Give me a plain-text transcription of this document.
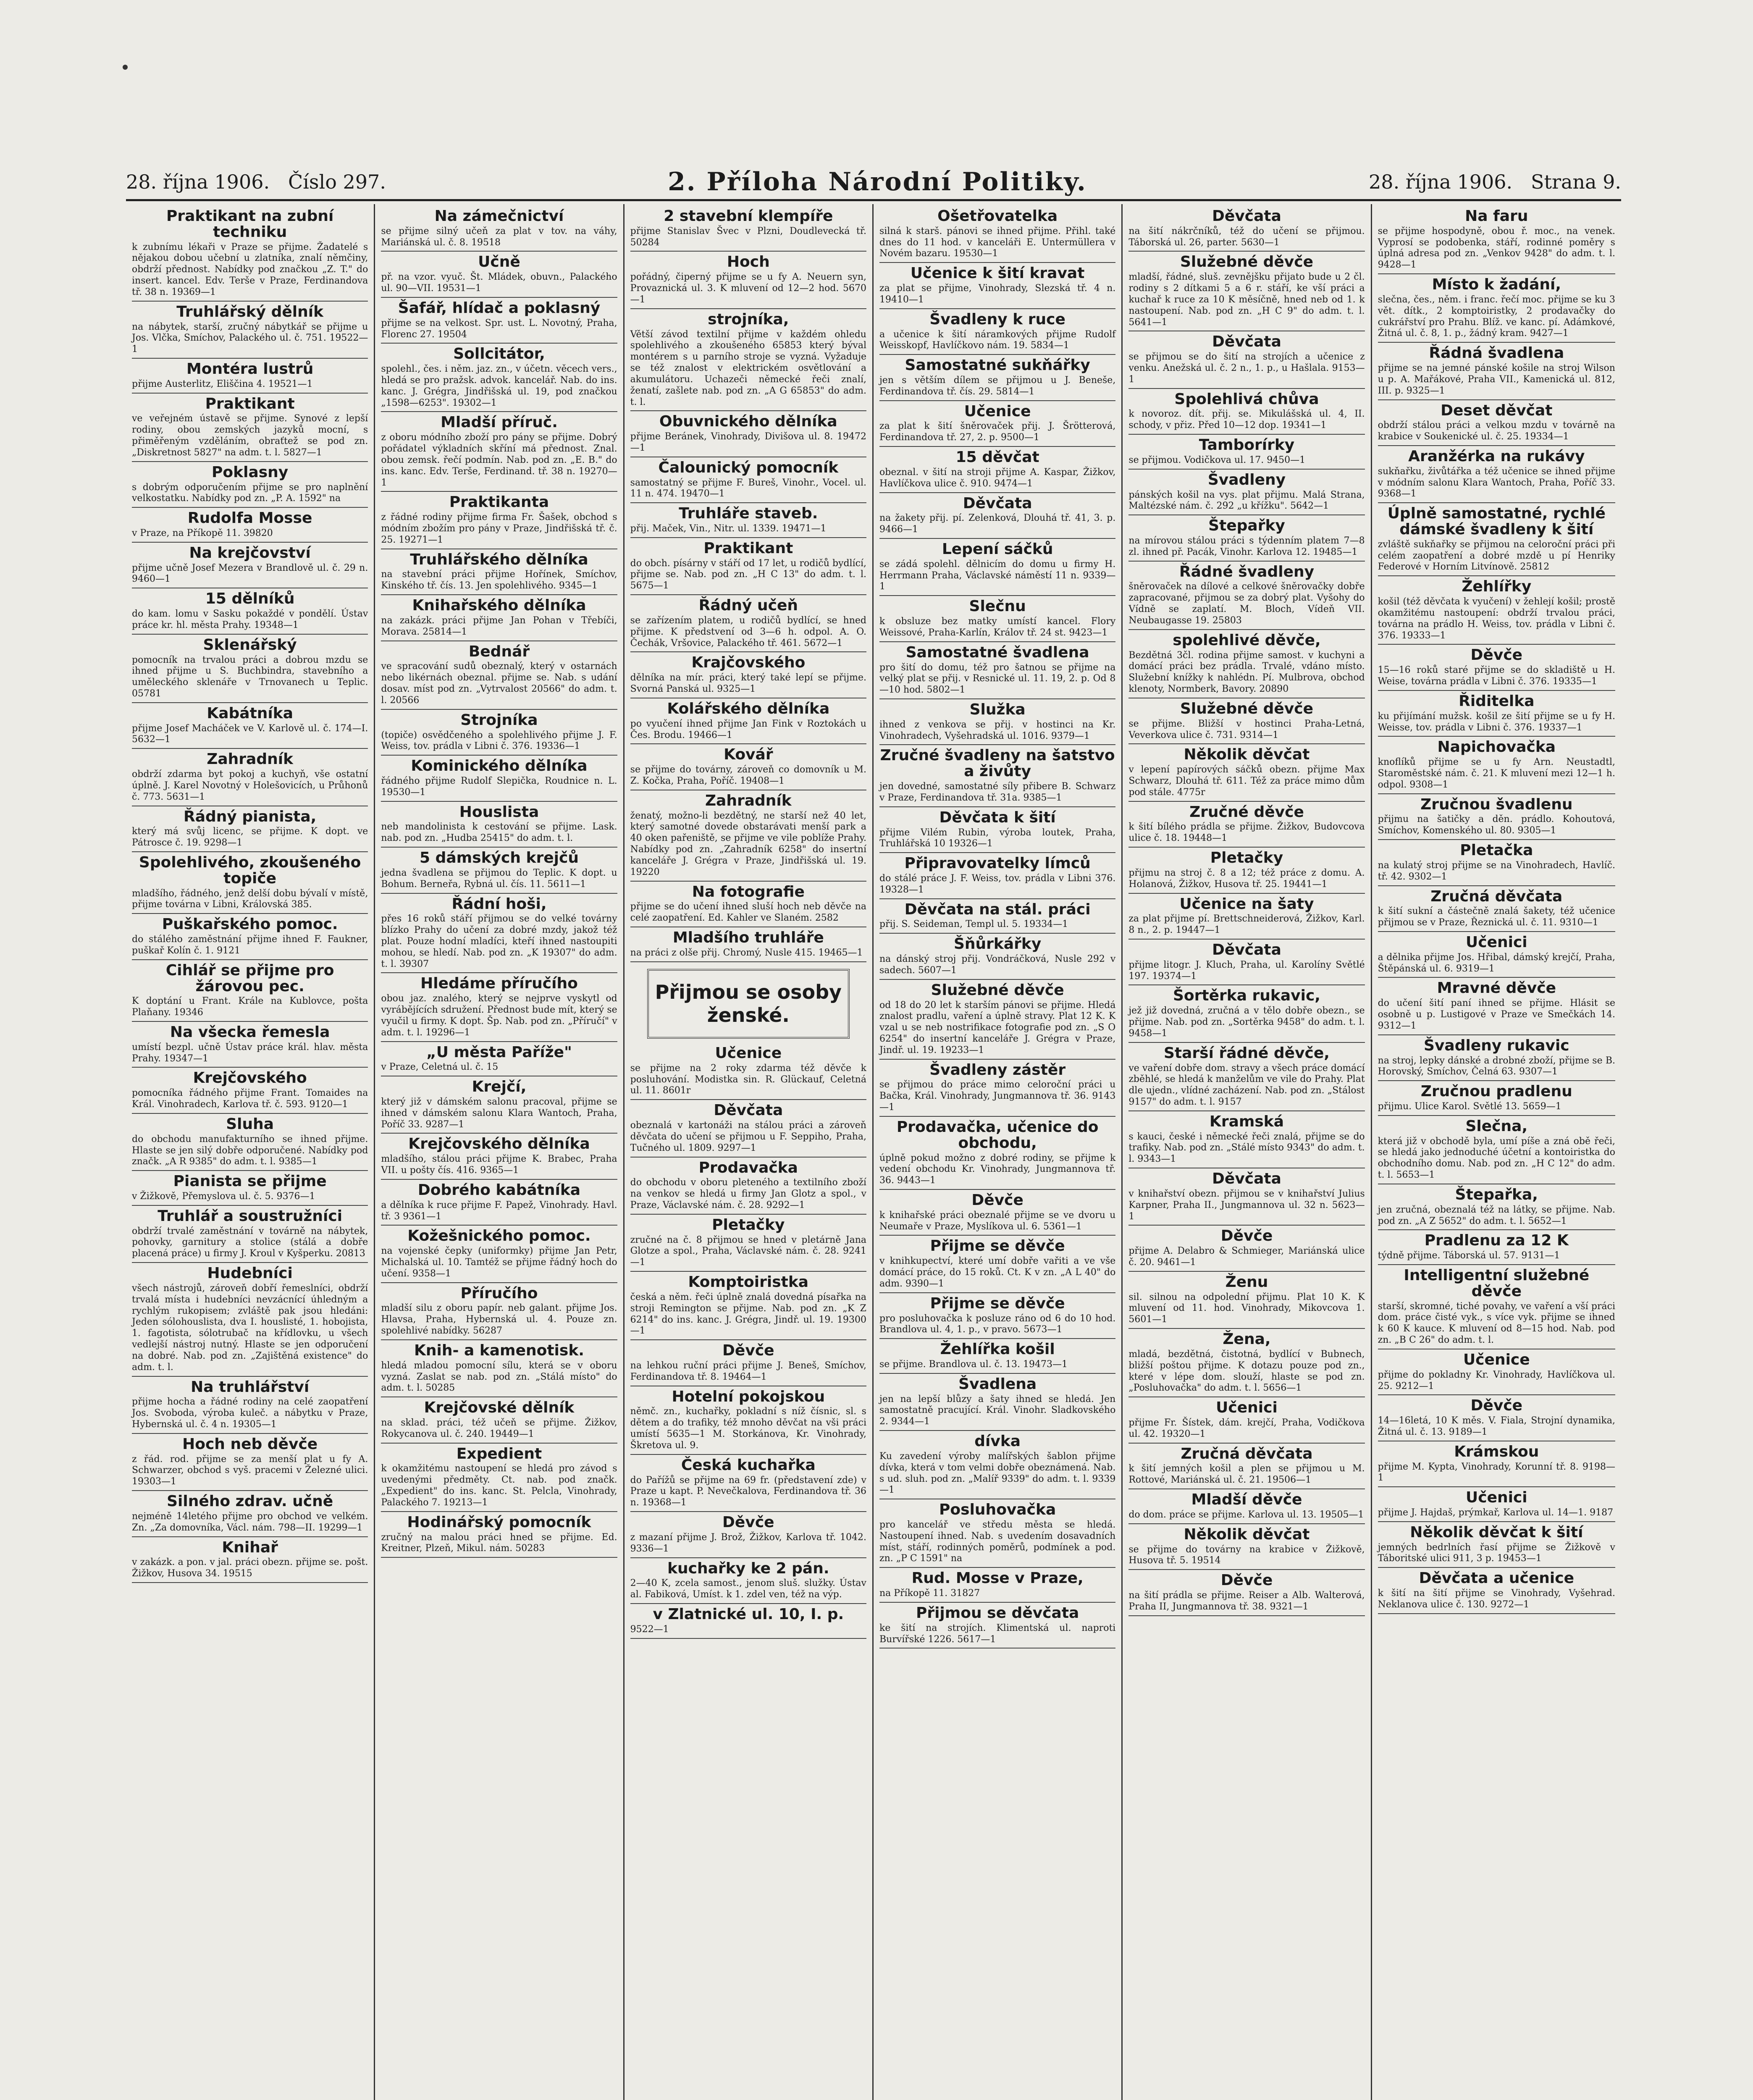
28. října 1906. Číslo 297.	2. Příloha Národní Politiky.	28. října 1906. Strana 9.
Praktikant na zubní techniku
k zubnímu lékaři v Praze se přijme. Žadatelé s nějakou dobou učební u zlatníka, znalí němčiny, obdrží přednost. Nabídky pod značkou „Z. T." do insert. kancel. Edv. Terše v Praze, Ferdinandova tř. 38 n. 19369—1
Truhlářský dělník
na nábytek, starší, zručný nábytkář se přijme u Jos. Vlčka, Smíchov, Palackého ul. č. 751. 19522—1
Montéra lustrů
přijme Austerlitz, Eliščina 4. 19521—1
Praktikant
ve veřejném ústavě se přijme. Synové z lepší rodiny, obou zemských jazyků mocní, s přiměřeným vzděláním, obraťtež se pod zn. „Diskretnost 5827" na adm. t. l. 5827—1
Poklasny
s dobrým odporučením přijme se pro naplnění velkostatku. Nabídky pod zn. „P. A. 1592" na
Rudolfa Mosse
v Praze, na Příkopě 11. 39820
Na krejčovství
přijme učně Josef Mezera v Brandlově ul. č. 29 n. 9460—1
15 dělníků
do kam. lomu v Sasku pokaždé v pondělí. Ústav práce kr. hl. města Prahy. 19348—1
Sklenářský
pomocník na trvalou práci a dobrou mzdu se ihned přijme u S. Buchbindra, stavebního a uměleckého sklenáře v Trnovanech u Teplic. 05781
Kabátníka
přijme Josef Macháček ve V. Karlově ul. č. 174—I. 5632—1
Zahradník
obdrží zdarma byt pokoj a kuchyň, vše ostatní úplně. J. Karel Novotný v Holešovicích, u Průhonů č. 773. 5631—1
Řádný pianista,
který má svůj licenc, se přijme. K dopt. ve Pátrosce č. 19. 9298—1
Spolehlivého, zkoušeného topiče
mladšího, řádného, jenž delší dobu bývalí v místě, přijme továrna v Libni, Královská 385.
Puškařského pomoc.
do stálého zaměstnání přijme ihned F. Faukner, puškař Kolín č. 1. 9121
Cihlář se přijme pro žárovou pec.
K doptání u Frant. Krále na Kublovce, pošta Plaňany. 19346
Na všecka řemesla
umístí bezpl. učně Ústav práce král. hlav. města Prahy. 19347—1
Krejčovského
pomocníka řádného přijme Frant. Tomaides na Král. Vinohradech, Karlova tř. č. 593. 9120—1
Sluha
do obchodu manufakturního se ihned přijme. Hlaste se jen silý dobře odporučené. Nabídky pod značk. „A R 9385" do adm. t. l. 9385—1
Pianista se přijme
v Žižkově, Přemyslova ul. č. 5. 9376—1
Truhlář a soustružníci
obdrží trvalé zaměstnání v továrně na nábytek, pohovky, garnitury a stolice (stálá a dobře placená práce) u firmy J. Kroul v Kyšperku. 20813
Hudebníci
všech nástrojů, zároveň dobří řemeslníci, obdrží trvalá místa i hudebníci nevzácnící úhledným a rychlým rukopisem; zvláště pak jsou hledáni: Jeden sólohouslista, dva I. houslisté, 1. hobojista, 1. fagotista, sólotrubač na křídlovku, u všech vedlejší nástroj nutný. Hlaste se jen odporučení na dobré. Nab. pod zn. „Zajištěná existence" do adm. t. l.
Na truhlářství
přijme hocha a řádné rodiny na celé zaopatření Jos. Svoboda, výroba kuleč. a nábytku v Praze, Hybernská ul. č. 4 n. 19305—1
Hoch neb děvče
z řád. rod. přijme se za menší plat u fy A. Schwarzer, obchod s vyš. pracemi v Železné ulici. 19303—1
Silného zdrav. učně
nejméně 14letého přijme pro obchod ve velkém. Zn. „Za domovníka, Václ. nám. 798—II. 19299—1
Knihař
v zakázk. a pon. v jal. práci obezn. přijme se. pošt. Žižkov, Husova 34. 19515
Na zámečnictví
se přijme silný učeň za plat v tov. na váhy, Mariánská ul. č. 8. 19518
Učně
př. na vzor. vyuč. Št. Mládek, obuvn., Palackého ul. 90—VII. 19531—1
Šafář, hlídač a poklasný
přijme se na velkost. Spr. ust. L. Novotný, Praha, Florenc 27. 19504
Sollcitátor,
spolehl., čes. i něm. jaz. zn., v účetn. věcech vers., hledá se pro pražsk. advok. kancelář. Nab. do ins. kanc. J. Grégra, Jindřišská ul. 19, pod značkou „1598—6253". 19302—1
Mladší příruč.
z oboru módního zboží pro pány se přijme. Dobrý pořádatel výkladních skříní má přednost. Znal. obou zemsk. řečí podmín. Nab. pod zn. „E. B." do ins. kanc. Edv. Terše, Ferdinand. tř. 38 n. 19270—1
Praktikanta
z řádné rodiny přijme firma Fr. Šašek, obchod s módním zbožím pro pány v Praze, Jindřišská tř. č. 25. 19271—1
Truhlářského dělníka
na stavební práci přijme Hořínek, Smíchov, Kinského tř. čís. 13. Jen spolehlivého. 9345—1
Knihařského dělníka
na zakázk. práci přijme Jan Pohan v Třebíči, Morava. 25814—1
Bednář
ve spracování sudů obeznalý, který v ostarnách nebo likérnách obeznal. přijme se. Nab. s udání dosav. míst pod zn. „Vytrvalost 20566" do adm. t. l. 20566
Strojníka
(topiče) osvědčeného a spolehlivého přijme J. F. Weiss, tov. prádla v Libni č. 376. 19336—1
Kominického dělníka
řádného přijme Rudolf Slepička, Roudnice n. L. 19530—1
Houslista
neb mandolinista k cestování se přijme. Lask. nab. pod zn. „Hudba 25415" do adm. t. l.
5 dámských krejčů
jedna švadlena se přijmou do Teplic. K dopt. u Bohum. Berneřa, Rybná ul. čís. 11. 5611—1
Řádní hoši,
přes 16 roků stáří přijmou se do velké továrny blízko Prahy do učení za dobré mzdy, jakož též plat. Pouze hodní mladíci, kteří ihned nastoupiti mohou, se hledí. Nab. pod zn. „K 19307" do adm. t. l. 39307
Hledáme příručího
obou jaz. znalého, který se nejprve vyskytl od vyrábějících sdružení. Přednost bude mít, který se vyučil u firmy. K dopt. Šp. Nab. pod zn. „Příručí" v adm. t. l. 19296—1
„U města Paříže"
v Praze, Celetná ul. č. 15
Krejčí,
který již v dámském salonu pracoval, přijme se ihned v dámském salonu Klara Wantoch, Praha, Poříč 33. 9287—1
Krejčovského dělníka
mladšího, stálou práci přijme K. Brabec, Praha VII. u pošty čís. 416. 9365—1
Dobrého kabátníka
a dělníka k ruce přijme F. Papež, Vinohrady. Havl. tř. 3 9361—1
Kožešnického pomoc.
na vojenské čepky (uniformky) přijme Jan Petr, Michalská ul. 10. Tamtéž se přijme řádný hoch do učení. 9358—1
Příručího
mladší silu z oboru papír. neb galant. přijme Jos. Hlavsa, Praha, Hybernská ul. 4. Pouze zn. spolehlivé nabídky. 56287
Knih- a kamenotisk.
hledá mladou pomocní sílu, která se v oboru vyzná. Zaslat se nab. pod zn. „Stálá místo" do adm. t. l. 50285
Krejčovské dělník
na sklad. práci, též učeň se přijme. Žižkov, Rokycanova ul. č. 240. 19449—1
Expedient
k okamžitému nastoupení se hledá pro závod s uvedenými předměty. Ct. nab. pod značk. „Expedient" do ins. kanc. St. Pelcla, Vinohrady, Palackého 7. 19213—1
Hodinářský pomocník
zručný na malou práci hned se přijme. Ed. Kreitner, Plzeň, Mikul. nám. 50283
2 stavební klempíře
přijme Stanislav Švec v Plzni, Doudlevecká tř. 50284
Hoch
pořádný, čiperný přijme se u fy A. Neuern syn, Provaznická ul. 3. K mluvení od 12—2 hod. 5670—1
strojníka,
Větší závod textilní přijme v každém ohledu spolehlivého a zkoušeného 65853 který býval montérem s u parního stroje se vyzná. Vyžaduje se též znalost v elektrickém osvětlování a akumulátoru. Uchazeči německé řeči znalí, ženatí, zašlete nab. pod zn. „A G 65853" do adm. t. l.
Obuvnického dělníka
přijme Beránek, Vinohrady, Divišova ul. 8. 19472—1
Čalounický pomocník
samostatný se přijme F. Bureš, Vinohr., Vocel. ul. 11 n. 474. 19470—1
Truhláře staveb.
přij. Maček, Vin., Nitr. ul. 1339. 19471—1
Praktikant
do obch. písárny v stáří od 17 let, u rodičů bydlící, přijme se. Nab. pod zn. „H C 13" do adm. t. l. 5675—1
Řádný učeň
se zařízením platem, u rodičů bydlící, se hned přijme. K předstvení od 3—6 h. odpol. A. O. Čechák, Vršovice, Palackého tř. 461. 5672—1
Krajčovského
dělníka na mír. práci, který také lepí se přijme. Svorná Panská ul. 9325—1
Kolářského dělníka
po vyučení ihned přijme Jan Fink v Roztokách u Čes. Brodu. 19466—1
Kovář
se přijme do továrny, zároveň co domovník u M. Z. Kočka, Praha, Poříč. 19408—1
Zahradník
ženatý, možno-li bezdětný, ne starší než 40 let, který samotné dovede obstarávati menší park a 40 oken pařeniště, se přijme ve vile poblíže Prahy. Nabídky pod zn. „Zahradník 6258" do insertní kanceláře J. Grégra v Praze, Jindřišská ul. 19. 19220
Na fotografie
přijme se do učení ihned sluší hoch neb děvče na celé zaopatření. Ed. Kahler ve Slaném. 2582
Mladšího truhláře
na práci z olše přij. Chromý, Nusle 415. 19465—1
Přijmou se osoby ženské.
Učenice
se přijme na 2 roky zdarma též děvče k posluhování. Modistka sin. R. Glückauf, Celetná ul. 11. 8601r
Děvčata
obeznalá v kartonáži na stálou práci a zároveň děvčata do učení se přijmou u F. Seppiho, Praha, Tučného ul. 1809. 9297—1
Prodavačka
do obchodu v oboru pleteného a textilního zboží na venkov se hledá u firmy Jan Glotz a spol., v Praze, Václavské nám. č. 28. 9292—1
Pletačky
zručné na č. 8 přijmou se hned v pletárně Jana Glotze a spol., Praha, Václavské nám. č. 28. 9241—1
Komptoiristka
česká a něm. řeči úplně znalá dovedná písařka na stroji Remington se přijme. Nab. pod zn. „K Z 6214" do ins. kanc. J. Grégra, Jindř. ul. 19. 19300—1
Děvče
na lehkou ruční práci přijme J. Beneš, Smíchov, Ferdinandova tř. 8. 19464—1
Hotelní pokojskou
němč. zn., kuchařky, pokladní s níž čísnic, sl. s dětem a do trafiky, též mnoho děvčat na vši práci umístí 5635—1 M. Storkánova, Kr. Vinohrady, Škretova ul. 9.
Česká kuchařka
do Pařížů se přijme na 69 fr. (představení zde) v Praze u kapt. P. Nevečkalova, Ferdinandova tř. 36 n. 19368—1
Děvče
z mazaní přijme J. Brož, Žižkov, Karlova tř. 1042. 9336—1
kuchařky ke 2 pán.
2—40 K, zcela samost., jenom sluš. služky. Ústav al. Fabiková, Umíst. k 1. zdel ven, též na výp.
v Zlatnické ul. 10, I. p.
9522—1
Ošetřovatelka
silná k starš. pánovi se ihned přijme. Přihl. také dnes do 11 hod. v kanceláři E. Untermüllera v Novém bazaru. 19530—1
Učenice k šití kravat
za plat se přijme, Vinohrady, Slezská tř. 4 n. 19410—1
Švadleny k ruce
a učenice k šití náramkových přijme Rudolf Weisskopf, Havlíčkovo nám. 19. 5834—1
Samostatné sukňářky
jen s větším dílem se přijmou u J. Beneše, Ferdinandova tř. čís. 29. 5814—1
Učenice
za plat k šití šněrovaček přij. J. Šrötterová, Ferdinandova tř. 27, 2. p. 9500—1
15 děvčat
obeznal. v šití na stroji přijme A. Kaspar, Žižkov, Havlíčkova ulice č. 910. 9474—1
Děvčata
na žakety přij. pí. Zelenková, Dlouhá tř. 41, 3. p. 9466—1
Lepení sáčků
se zádá spolehl. dělnicím do domu u firmy H. Herrmann Praha, Václavské náměstí 11 n. 9339—1
Slečnu
k obsluze bez matky umístí kancel. Flory Weissové, Praha-Karlín, Králov tř. 24 st. 9423—1
Samostatné švadlena
pro šití do domu, též pro šatnou se přijme na velký plat se přij. v Resnické ul. 11. 19, 2. p. Od 8—10 hod. 5802—1
Služka
ihned z venkova se přij. v hostinci na Kr. Vinohradech, Vyšehradská ul. 1016. 9379—1
Zručné švadleny na šatstvo a živůty
jen dovedné, samostatné síly přibere B. Schwarz v Praze, Ferdinandova tř. 31a. 9385—1
Děvčata k šití
přijme Vilém Rubin, výroba loutek, Praha, Truhlářská 10 19326—1
Připravovatelky límců
do stálé práce J. F. Weiss, tov. prádla v Libni 376. 19328—1
Děvčata na stál. práci
přij. S. Seideman, Templ ul. 5. 19334—1
Šňůrkářky
na dánský stroj přij. Vondráčková, Nusle 292 v sadech. 5607—1
Služebné děvče
od 18 do 20 let k starším pánovi se přijme. Hledá znalost pradlu, vaření a úplně stravy. Plat 12 K. K vzal u se neb nostrifikace fotografie pod zn. „S O 6254" do insertní kanceláře J. Grégra v Praze, Jindř. ul. 19. 19233—1
Švadleny zástěr
se přijmou do práce mimo celoroční práci u Bačka, Král. Vinohrady, Jungmannova tř. 36. 9143—1
Prodavačka, učenice do obchodu,
úplně pokud možno z dobré rodiny, se přijme k vedení obchodu Kr. Vinohrady, Jungmannova tř. 36. 9443—1
Děvče
k knihařské práci obeznalé přijme se ve dvoru u Neumaře v Praze, Myslíkova ul. 6. 5361—1
Přijme se děvče
v knihkupectví, které umí dobře vařiti a ve vše domácí práce, do 15 roků. Ct. K v zn. „A L 40" do adm. 9390—1
Přijme se děvče
pro posluhovačka k posluze ráno od 6 do 10 hod. Brandlova ul. 4, 1. p., v pravo. 5673—1
Žehlířka košil
se přijme. Brandlova ul. č. 13. 19473—1
Švadlena
jen na lepší blůzy a šaty ihned se hledá. Jen samostatně pracující. Král. Vinohr. Sladkovského 2. 9344—1
dívka
Ku zavedení výroby malířských šablon přijme dívka, která v tom velmi dobře obeznámená. Nab. s ud. sluh. pod zn. „Malíř 9339" do adm. t. l. 9339—1
Posluhovačka
pro kancelář ve středu města se hledá. Nastoupení ihned. Nab. s uvedením dosavadních míst, stáří, rodinných poměrů, podmínek a pod. zn. „P C 1591" na
Rud. Mosse v Praze,
na Příkopě 11. 31827
Přijmou se děvčata
ke šití na strojích. Klimentská ul. naproti Burvířské 1226. 5617—1
Děvčata
na šití nákrčníků, též do učení se přijmou. Táborská ul. 26, parter. 5630—1
Služebné děvče
mladší, řádné, sluš. zevnějšku přijato bude u 2 čl. rodiny s 2 dítkami 5 a 6 r. stáří, ke vší práci a kuchař k ruce za 10 K měsíčně, hned neb od 1. k nastoupení. Nab. pod zn. „H C 9" do adm. t. l. 5641—1
Děvčata
se přijmou se do šití na strojích a učenice z venku. Anežská ul. č. 2 n., 1. p., u Hašlala. 9153—1
Spolehlivá chůva
k novoroz. dít. přij. se. Mikulášská ul. 4, II. schody, v přiz. Před 10—12 dop. 19341—1
Tamborírky
se přijmou. Vodičkova ul. 17. 9450—1
Švadleny
pánských košil na vys. plat přijmu. Malá Strana, Maltézské nám. č. 292 „u křížku". 5642—1
Štepařky
na mírovou stálou práci s týdenním platem 7—8 zl. ihned př. Pacák, Vinohr. Karlova 12. 19485—1
Řádné švadleny
šněrovaček na dílové a celkové šněrovačky dobře zapracované, přijmou se za dobrý plat. Vyšohy do Vídně se zaplatí. M. Bloch, Vídeň VII. Neubaugasse 19. 25803
spolehlivé děvče,
Bezdětná 3čl. rodina přijme samost. v kuchyni a domácí práci bez prádla. Trvalé, vdáno místo. Služební knížky k nahlédn. Pí. Mulbrova, obchod klenoty, Normberk, Bavory. 20890
Služebné děvče
se přijme. Bližší v hostinci Praha-Letná, Veverkova ulice č. 731. 9314—1
Několik děvčat
v lepení papírových sáčků obezn. přijme Max Schwarz, Dlouhá tř. 611. Též za práce mimo dům pod stále. 4775r
Zručné děvče
k šití bílého prádla se přijme. Žižkov, Budovcova ulice č. 18. 19448—1
Pletačky
přijmu na stroj č. 8 a 12; též práce z domu. A. Holanová, Žižkov, Husova tř. 25. 19441—1
Učenice na šaty
za plat přijme pí. Brettschneiderová, Žižkov, Karl. 8 n., 2. p. 19447—1
Děvčata
přijme litogr. J. Kluch, Praha, ul. Karolíny Světlé 197. 19374—1
Šortěrka rukavic,
jež již dovedná, zručná a v tělo dobře obezn., se přijme. Nab. pod zn. „Sortěrka 9458" do adm. t. l. 9458—1
Starší řádné děvče,
ve vaření dobře dom. stravy a všech práce domácí zběhlé, se hledá k manželům ve vile do Prahy. Plat dle ujedn., vlídné zacházení. Nab. pod zn. „Stálost 9157" do adm. t. l. 9157
Kramská
s kauci, české i německé řeči znalá, přijme se do trafiky. Nab. pod zn. „Stálé místo 9343" do adm. t. l. 9343—1
Děvčata
v knihařství obezn. přijmou se v knihařství Julius Karpner, Praha II., Jungmannova ul. 32 n. 5623—1
Děvče
přijme A. Delabro & Schmieger, Mariánská ulice č. 20. 9461—1
Ženu
sil. silnou na odpolední přijmu. Plat 10 K. K mluvení od 11. hod. Vinohrady, Mikovcova 1. 5601—1
Žena,
mladá, bezdětná, čistotná, bydlící v Bubnech, bližší poštou přijme. K dotazu pouze pod zn., které v lépe dom. slouží, hlaste se pod zn. „Posluhovačka" do adm. t. l. 5656—1
Učenici
přijme Fr. Šístek, dám. krejčí, Praha, Vodičkova ul. 42. 19320—1
Zručná děvčata
k šití jemných košil a plen se přijmou u M. Rottové, Mariánská ul. č. 21. 19506—1
Mladší děvče
do dom. práce se přijme. Karlova ul. 13. 19505—1
Několik děvčat
se přijme do továrny na krabice v Žižkově, Husova tř. 5. 19514
Děvče
na šití prádla se přijme. Reiser a Alb. Walterová, Praha II, Jungmannova tř. 38. 9321—1
Na faru
se přijme hospodyně, obou ř. moc., na venek. Vyprosí se podobenka, stáří, rodinné poměry s úplná adresa pod zn. „Venkov 9428" do adm. t. l. 9428—1
Místo k žadání,
slečna, čes., něm. i franc. řečí moc. přijme se ku 3 vět. dítk., 2 komptoiristky, 2 prodavačky do cukrářství pro Prahu. Blíž. ve kanc. pí. Adámkové, Žitná ul. č. 8, 1. p., žádný kram. 9427—1
Řádná švadlena
přijme se na jemné pánské košile na stroj Wilson u p. A. Mařákové, Praha VII., Kamenická ul. 812, III. p. 9325—1
Deset děvčat
obdrží stálou práci a velkou mzdu v továrně na krabice v Soukenické ul. č. 25. 19334—1
Aranžérka na rukávy
sukňařku, živůtářka a též učenice se ihned přijme v módním salonu Klara Wantoch, Praha, Poříč 33. 9368—1
Úplně samostatné, rychlé dámské švadleny k šití
zvláště sukňařky se přijmou na celoroční práci při celém zaopatření a dobré mzdě u pí Henriky Federové v Horním Litvínově. 25812
Žehlířky
košil (též děvčata k vyučení) v žehlejí košil; prostě okamžitému nastoupení: obdrží trvalou práci, továrna na prádlo H. Weiss, tov. prádla v Libni č. 376. 19333—1
Děvče
15—16 roků staré přijme se do skladiště u H. Weise, továrna prádla v Libni č. 376. 19335—1
Řiditelka
ku přijímání mužsk. košil ze šití přijme se u fy H. Weisse, tov. prádla v Libni č. 376. 19337—1
Napichovačka
knoflíků přijme se u fy Arn. Neustadtl, Staroměstské nám. č. 21. K mluvení mezi 12—1 h. odpol. 9308—1
Zručnou švadlenu
přijmu na šatičky a děn. prádlo. Kohoutová, Smíchov, Komenského ul. 80. 9305—1
Pletačka
na kulatý stroj přijme se na Vinohradech, Havlíč. tř. 42. 9302—1
Zručná děvčata
k šití sukní a částečně znalá šakety, též učenice přijmou se v Praze, Řeznická ul. č. 11. 9310—1
Učenici
a dělnika přijme Jos. Hřibal, dámský krejčí, Praha, Štěpánská ul. 6. 9319—1
Mravné děvče
do učení šití paní ihned se přijme. Hlásit se osobně u p. Lustigové v Praze ve Smečkách 14. 9312—1
Švadleny rukavic
na stroj, lepky dánské a drobné zboží, přijme se B. Horovský, Smíchov, Čelná 63. 9307—1
Zručnou pradlenu
přijmu. Ulice Karol. Světlé 13. 5659—1
Slečna,
která již v obchodě byla, umí píše a zná obě řeči, se hledá jako jednoduché účetní a kontoiristka do obchodního domu. Nab. pod zn. „H C 12" do adm. t. l. 5653—1
Štepařka,
jen zručná, obeznalá též na látky, se přijme. Nab. pod zn. „A Z 5652" do adm. t. l. 5652—1
Pradlenu za 12 K
týdně přijme. Táborská ul. 57. 9131—1
Intelligentní služebné děvče
starší, skromné, tiché povahy, ve vaření a vší práci dom. práce čisté vyk., s více vyk. přijme se ihned k 60 K kauce. K mluvení od 8—15 hod. Nab. pod zn. „B C 26" do adm. t. l.
Učenice
přijme do pokladny Kr. Vinohrady, Havlíčkova ul. 25. 9212—1
Děvče
14—16letá, 10 K měs. V. Fiala, Strojní dynamika, Žitná ul. č. 13. 9189—1
Krámskou
přijme M. Kypta, Vinohrady, Korunní tř. 8. 9198—1
Učenici
přijme J. Hajdaš, prýmkař, Karlova ul. 14—1. 9187
Několik děvčat k šití
jemných bedrlních řasí přijme se Žižkově v Táboritské ulici 911, 3 p. 19453—1
Děvčata a učenice
k šití na šití přijme se Vinohrady, Vyšehrad. Neklanova ulice č. 130. 9272—1
